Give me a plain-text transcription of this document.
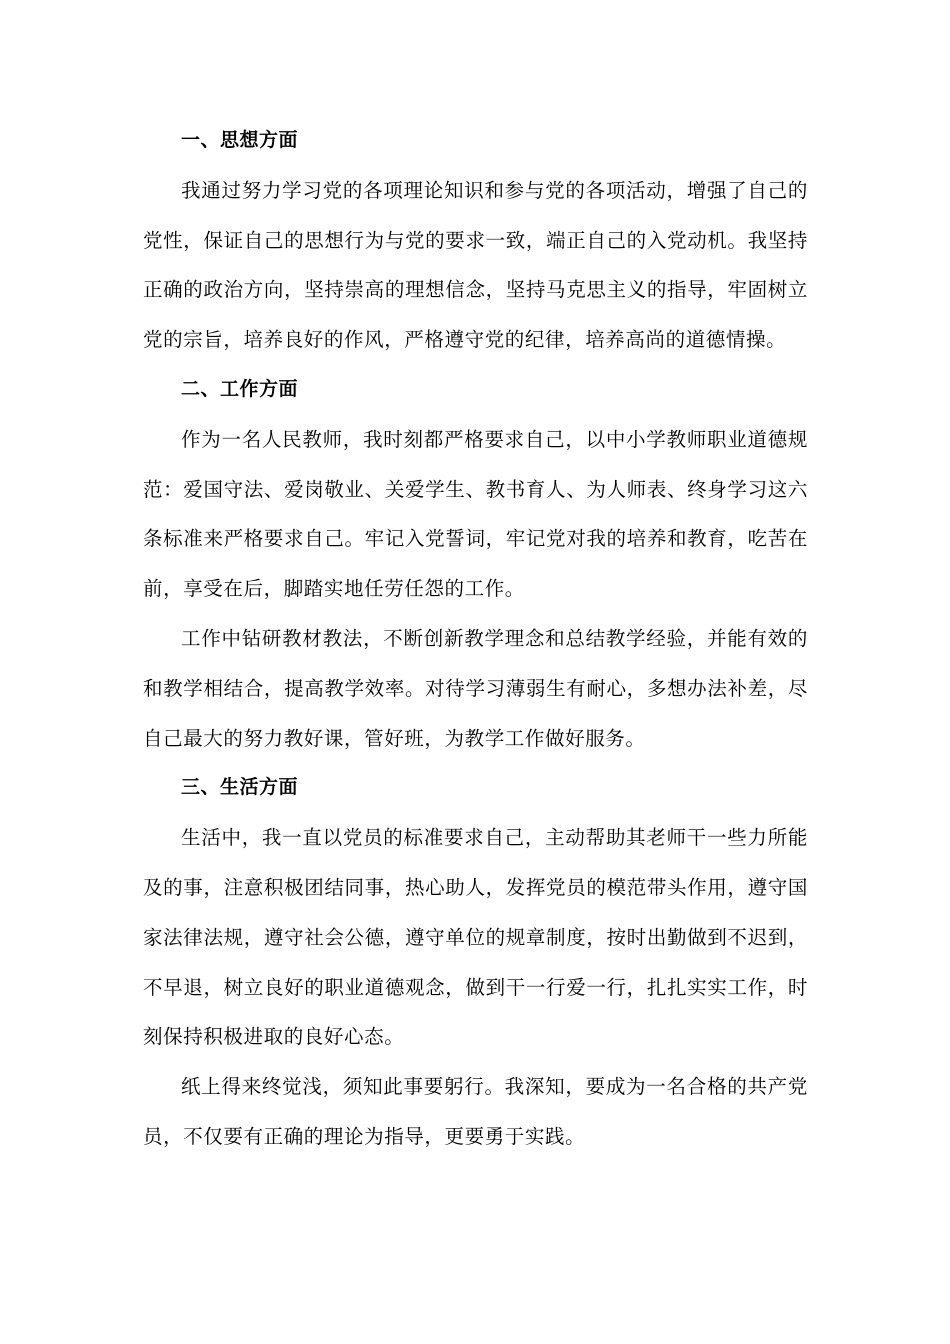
一、思想方面

我通过努力学习党的各项理论知识和参与党的各项活动，增强了自己的党性，保证自己的思想行为与党的要求一致，端正自己的入党动机。我坚持正确的政治方向，坚持崇高的理想信念，坚持马克思主义的指导，牢固树立党的宗旨，培养良好的作风，严格遵守党的纪律，培养高尚的道德情操。

二、工作方面

作为一名人民教师，我时刻都严格要求自己，以中小学教师职业道德规范：爱国守法、爱岗敬业、关爱学生、教书育人、为人师表、终身学习这六条标准来严格要求自己。牢记入党誓词，牢记党对我的培养和教育，吃苦在前，享受在后，脚踏实地任劳任怨的工作。

工作中钻研教材教法，不断创新教学理念和总结教学经验，并能有效的和教学相结合，提高教学效率。对待学习薄弱生有耐心，多想办法补差，尽自己最大的努力教好课，管好班，为教学工作做好服务。

三、生活方面

生活中，我一直以党员的标准要求自己，主动帮助其老师干一些力所能及的事，注意积极团结同事，热心助人，发挥党员的模范带头作用，遵守国家法律法规，遵守社会公德，遵守单位的规章制度，按时出勤做到不迟到，不早退，树立良好的职业道德观念，做到干一行爱一行，扎扎实实工作，时刻保持积极进取的良好心态。

纸上得来终觉浅，须知此事要躬行。我深知，要成为一名合格的共产党员，不仅要有正确的理论为指导，更要勇于实践。
